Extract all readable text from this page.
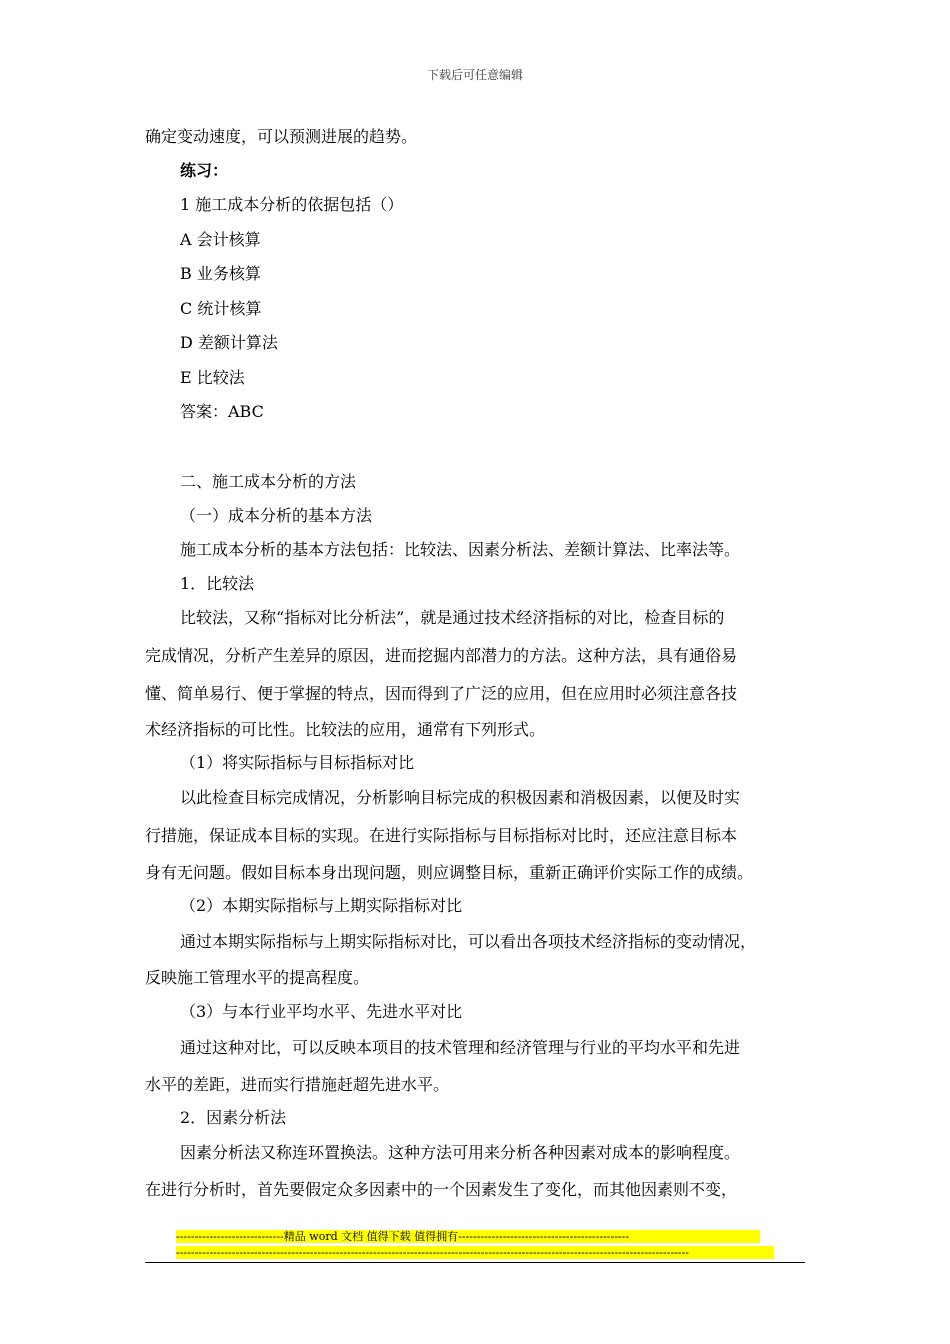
下载后可任意编辑
确定变动速度，可以预测进展的趋势。
练习：
1 施工成本分析的依据包括（）
A 会计核算
B 业务核算
C 统计核算
D 差额计算法
E 比较法
答案：ABC
二、施工成本分析的方法
（一）成本分析的基本方法
施工成本分析的基本方法包括：比较法、因素分析法、差额计算法、比率法等。
1．比较法
比较法，又称“指标对比分析法”，就是通过技术经济指标的对比，检查目标的
完成情况，分析产生差异的原因，进而挖掘内部潜力的方法。这种方法，具有通俗易
懂、简单易行、便于掌握的特点，因而得到了广泛的应用，但在应用时必须注意各技
术经济指标的可比性。比较法的应用，通常有下列形式。
（1）将实际指标与目标指标对比
以此检查目标完成情况，分析影响目标完成的积极因素和消极因素，以便及时实
行措施，保证成本目标的实现。在进行实际指标与目标指标对比时，还应注意目标本
身有无问题。假如目标本身出现问题，则应调整目标，重新正确评价实际工作的成绩。
（2）本期实际指标与上期实际指标对比
通过本期实际指标与上期实际指标对比，可以看出各项技术经济指标的变动情况，
反映施工管理水平的提高程度。
（3）与本行业平均水平、先进水平对比
通过这种对比，可以反映本项目的技术管理和经济管理与行业的平均水平和先进
水平的差距，进而实行措施赶超先进水平。
2．因素分析法
因素分析法又称连环置换法。这种方法可用来分析各种因素对成本的影响程度。
在进行分析时，首先要假定众多因素中的一个因素发生了变化，而其他因素则不变，
-----------------------------精品 word 文档 值得下载 值得拥有----------------------------------------------
------------------------------------------------------------------------------------------------------------------------------------------
